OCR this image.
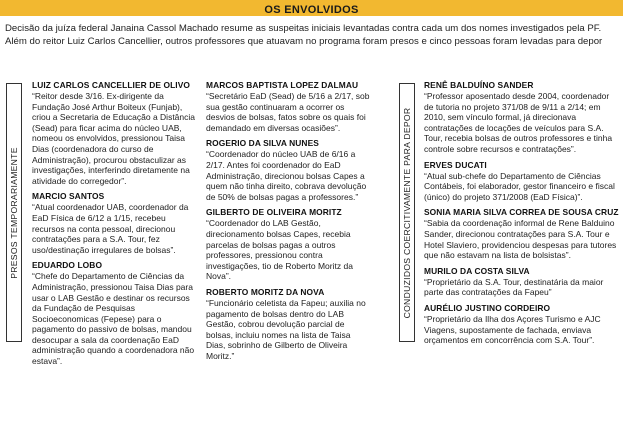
OS ENVOLVIDOS
Decisão da juíza federal Janaina Cassol Machado resume as suspeitas iniciais levantadas contra cada um dos nomes investigados pela PF.
Além do reitor Luiz Carlos Cancellier, outros professores que atuavam no programa foram presos e cinco pessoas foram levadas para depor
PRESOS TEMPORARIAMENTE	CONDUZIDOS COERCITIVAMENTE PARA DEPOR
LUIZ CARLOS CANCELLIER DE OLIVO
“Reitor desde 3/16. Ex-dirigente da Fundação José Arthur Boiteux (Funjab), criou a Secretaria de Educação a Distância (Sead) para ficar acima do núcleo UAB, nomeou os envolvidos, pressionou Taisa Dias (coordenadora do curso de Administração), procurou obstaculizar as investigações, interferindo diretamente na atividade do corregedor”.
MARCIO SANTOS
“Atual coordenador UAB, coordenador da EaD Física de 6/12 a 1/15, recebeu recursos na conta pessoal, direcionou contratações para a S.A. Tour, fez uso/destinação irregulares de bolsas”.
EDUARDO LOBO
“Chefe do Departamento de Ciências da Administração, pressionou Taisa Dias para usar o LAB Gestão e destinar os recursos da Fundação de Pesquisas Socioeconomicas (Fepese) para o pagamento do passivo de bolsas, mandou desocupar a sala da coordenação EaD administração quando a coordenadora não estava”.
MARCOS BAPTISTA LOPEZ DALMAU
“Secretário EaD (Sead) de 5/16 a 2/17, sob sua gestão continuaram a ocorrer os desvios de bolsas, fatos sobre os quais foi demandado em diversas ocasiões”.
ROGERIO DA SILVA NUNES
“Coordenador do núcleo UAB de 6/16 a 2/17. Antes foi coordenador do EaD Administração, direcionou bolsas Capes a quem não tinha direito, cobrava devolução de 50% de bolsas pagas a professores.”
GILBERTO DE OLIVEIRA MORITZ
“Coordenador do LAB Gestão, direcionamento bolsas Capes, recebia parcelas de bolsas pagas a outros professores, pressionou contra investigações, tio de Roberto Moritz da Nova”.
ROBERTO MORITZ DA NOVA
“Funcionário celetista da Fapeu; auxilia no pagamento de bolsas dentro do LAB Gestão, cobrou devolução parcial de bolsas, incluiu nomes na lista de Taisa Dias, sobrinho de Gilberto de Oliveira Moritz.”
RENÊ BALDUÍNO SANDER
“Professor aposentado desde 2004, coordenador de tutoria no projeto 371/08 de 9/11 a 2/14; em 2010, sem vínculo formal, já direcionava contratações de locações de veículos para S.A. Tour, recebia bolsas de outros professores e tinha controle sobre recursos e contratações”.
ERVES DUCATI
“Atual sub-chefe do Departamento de Ciências Contábeis, foi elaborador, gestor financeiro e fiscal (único) do projeto 371/2008 (EaD Física)”.
SONIA MARIA SILVA CORREA DE SOUSA CRUZ
“Sabia da coordenação informal de Rene Balduino Sander, direcionou contratações para S.A. Tour e Hotel Slaviero, providenciou despesas para tutores que não estavam na lista de bolsistas”.
MURILO DA COSTA SILVA
“Proprietário da S.A. Tour, destinatária da maior parte das contratações da Fapeu”
AURÉLIO JUSTINO CORDEIRO
“Proprietário da Ilha dos Açores Turismo e AJC Viagens, supostamente de fachada, enviava orçamentos em concorrência com S.A. Tour”.
